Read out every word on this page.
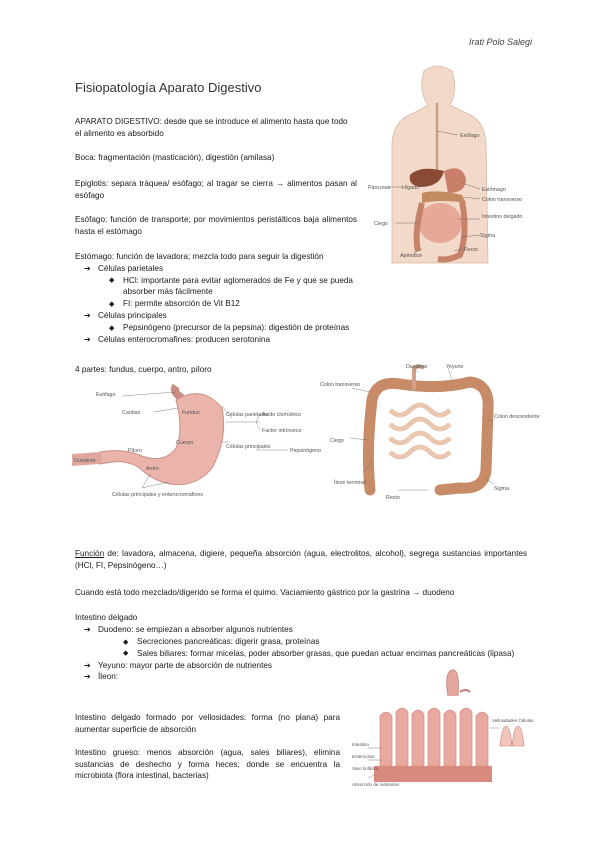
Irati Polo Salegi
Fisiopatología Aparato Digestivo
APARATO DIGESTIVO: desde que se introduce el alimento hasta que todo el alimento es absorbido
Boca: fragmentación (masticación), digestión (amilasa)
Epiglotis: separa tráquea/ esófago; al tragar se cierra → alimentos pasan al esófago
Esófago: función de transporte; por movimientos peristálticos baja alimentos hasta el estómago
Estómago: función de lavadora; mezcla todo para seguir la digestión
➔ Células parietales
◆	HCl: importante para evitar aglomerados de Fe y que se pueda absorber más fácilmente
◆ FI: permite absorción de Vit B12
➔ Células principales
◆ Pepsinógeno (precursor de la pepsina): digestión de proteínas
➔ Células enterocromafines: producen serotonina
4 partes: fundus, cuerpo, antro, píloro
Esófago
Páncreas Hígado	Estómago
Colon transverso
Intestino delgado
Ciego
Sigma
Recto
Apéndice
Esófago
Cardias	Fundus
Cuerpo
Píloro
Antro
Duodeno
Células parietales
Ácido clorhídrico
Factor intrínseco
Células principales
Pepsinógeno
Células principales y enterocromafines
Colon transverso
Ciego
Íleon terminal
Duodeno	Yeyuno
Colon descendente
Recto
Sigma
Función de: lavadora, almacena, digiere, pequeña absorción (agua, electrolitos, alcohol), segrega sustancias importantes (HCl, FI, Pepsinógeno…)
Cuando está todo mezclado/digerido se forma el quimo. Vaciamiento gástrico por la gastrina → duodeno
Intestino delgado
➔ Duodeno: se empiezan a absorber algunos nutrientes
◆ Secreciones pancreáticas: digerir grasa, proteínas
◆	Sales biliares: formar micelas, poder absorber grasas, que puedan actuar encimas pancreáticas (lipasa)
➔ Yeyuno: mayor parte de absorción de nutrientes
➔ Íleon:
Intestino delgado formado por vellosidades: forma (no plana) para aumentar superficie de absorción
Intestino grueso: menos absorción (agua, sales biliares), elimina sustancias de deshecho y forma heces; donde se encuentra la microbiota (flora intestinal, bacterias)
Vellosidades Células
Intestino
Enterocitos
Vaso linfático
Absorción de nutrientes
